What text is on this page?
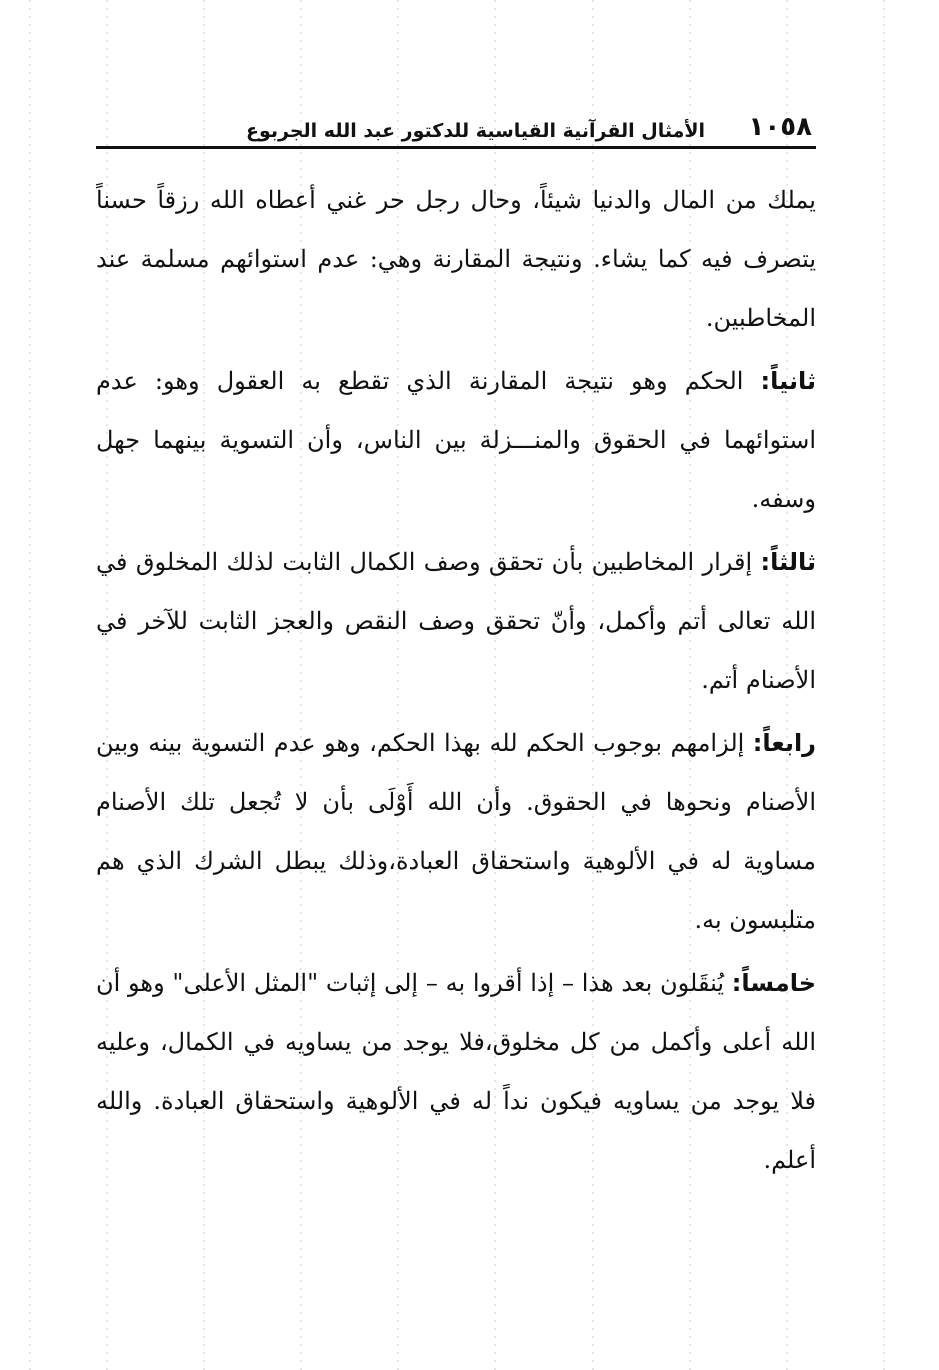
١٠٥٨
الأمثال القرآنية القياسية للدكتور عبد الله الجربوع

يملك من المال والدنيا شيئاً، وحال رجل حر غني أعطاه الله رزقاً حسناً يتصرف فيه كما يشاء. ونتيجة المقارنة وهي: عدم استوائهم مسلمة عند المخاطبين.

ثانياً: الحكم وهو نتيجة المقارنة الذي تقطع به العقول وهو: عدم استوائهما في الحقوق والمنـــزلة بين الناس، وأن التسوية بينهما جهل وسفه.

ثالثاً: إقرار المخاطبين بأن تحقق وصف الكمال الثابت لذلك المخلوق في الله تعالى أتم وأكمل، وأنّ تحقق وصف النقص والعجز الثابت للآخر في الأصنام أتم.

رابعاً: إلزامهم بوجوب الحكم لله بهذا الحكم، وهو عدم التسوية بينه وبين الأصنام ونحوها في الحقوق. وأن الله أَوْلَى بأن لا تُجعل تلك الأصنام مساوية له في الألوهية واستحقاق العبادة،وذلك يبطل الشرك الذي هم متلبسون به.

خامساً: يُنقَلون بعد هذا – إذا أقروا به – إلى إثبات "المثل الأعلى" وهو أن الله أعلى وأكمل من كل مخلوق،فلا يوجد من يساويه في الكمال، وعليه فلا يوجد من يساويه فيكون نداً له في الألوهية واستحقاق العبادة. والله أعلم.
